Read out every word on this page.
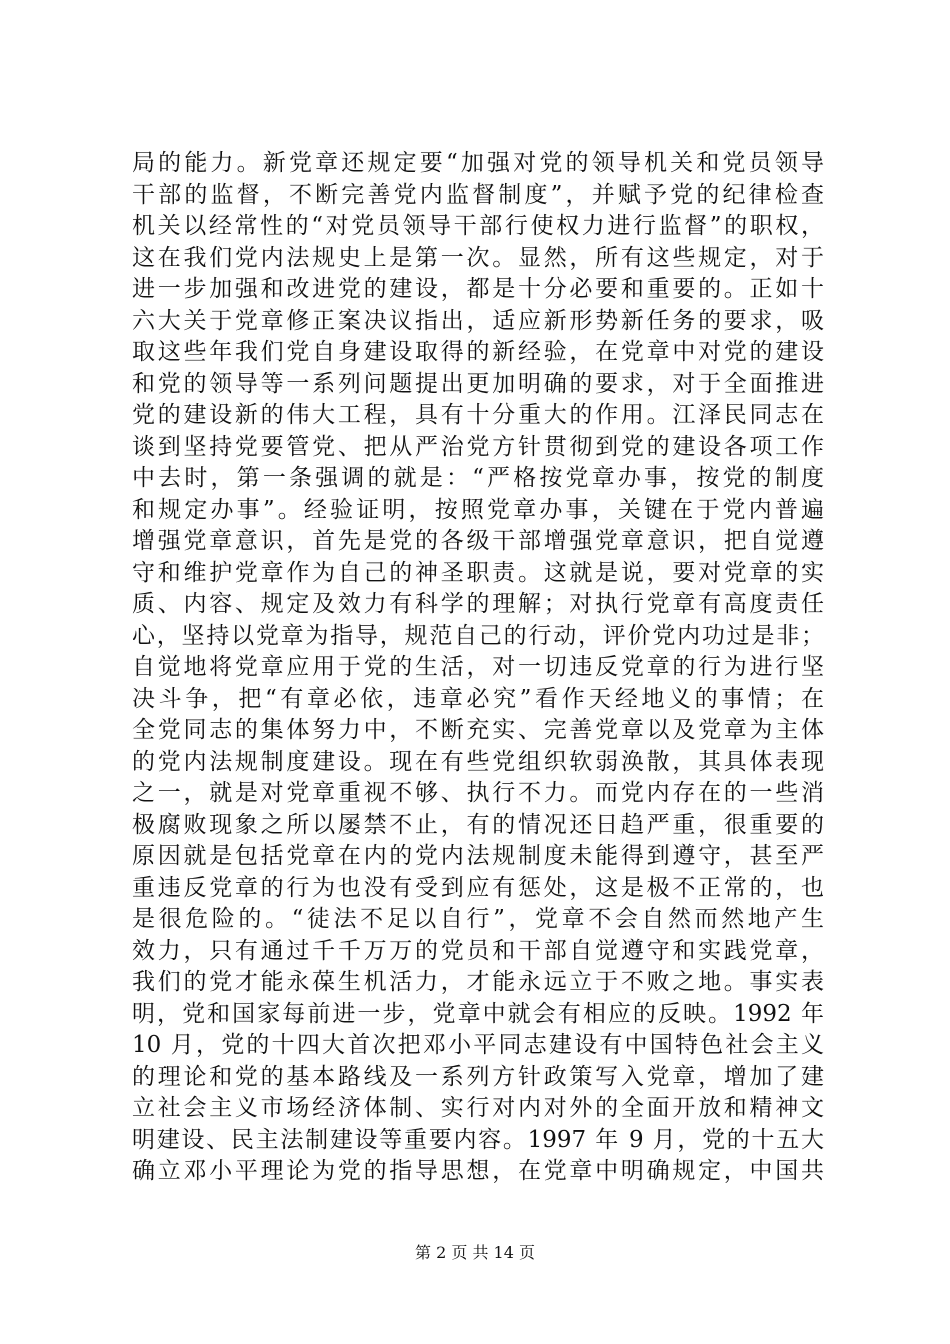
局的能力。新党章还规定要“加强对党的领导机关和党员领导
干部的监督，不断完善党内监督制度”，并赋予党的纪律检查
机关以经常性的“对党员领导干部行使权力进行监督”的职权，
这在我们党内法规史上是第一次。显然，所有这些规定，对于
进一步加强和改进党的建设，都是十分必要和重要的。正如十
六大关于党章修正案决议指出，适应新形势新任务的要求，吸
取这些年我们党自身建设取得的新经验，在党章中对党的建设
和党的领导等一系列问题提出更加明确的要求，对于全面推进
党的建设新的伟大工程，具有十分重大的作用。江泽民同志在
谈到坚持党要管党、把从严治党方针贯彻到党的建设各项工作
中去时，第一条强调的就是：“严格按党章办事，按党的制度
和规定办事”。经验证明，按照党章办事，关键在于党内普遍
增强党章意识，首先是党的各级干部增强党章意识，把自觉遵
守和维护党章作为自己的神圣职责。这就是说，要对党章的实
质、内容、规定及效力有科学的理解；对执行党章有高度责任
心，坚持以党章为指导，规范自己的行动，评价党内功过是非；
自觉地将党章应用于党的生活，对一切违反党章的行为进行坚
决斗争，把“有章必依，违章必究”看作天经地义的事情；在
全党同志的集体努力中，不断充实、完善党章以及党章为主体
的党内法规制度建设。现在有些党组织软弱涣散，其具体表现
之一，就是对党章重视不够、执行不力。而党内存在的一些消
极腐败现象之所以屡禁不止，有的情况还日趋严重，很重要的
原因就是包括党章在内的党内法规制度未能得到遵守，甚至严
重违反党章的行为也没有受到应有惩处，这是极不正常的，也
是很危险的。“徒法不足以自行”，党章不会自然而然地产生
效力，只有通过千千万万的党员和干部自觉遵守和实践党章，
我们的党才能永葆生机活力，才能永远立于不败之地。事实表
明，党和国家每前进一步，党章中就会有相应的反映。1992 年
10 月，党的十四大首次把邓小平同志建设有中国特色社会主义
的理论和党的基本路线及一系列方针政策写入党章，增加了建
立社会主义市场经济体制、实行对内对外的全面开放和精神文
明建设、民主法制建设等重要内容。1997 年 9 月，党的十五大
确立邓小平理论为党的指导思想，在党章中明确规定，中国共
第 2 页 共 14 页
